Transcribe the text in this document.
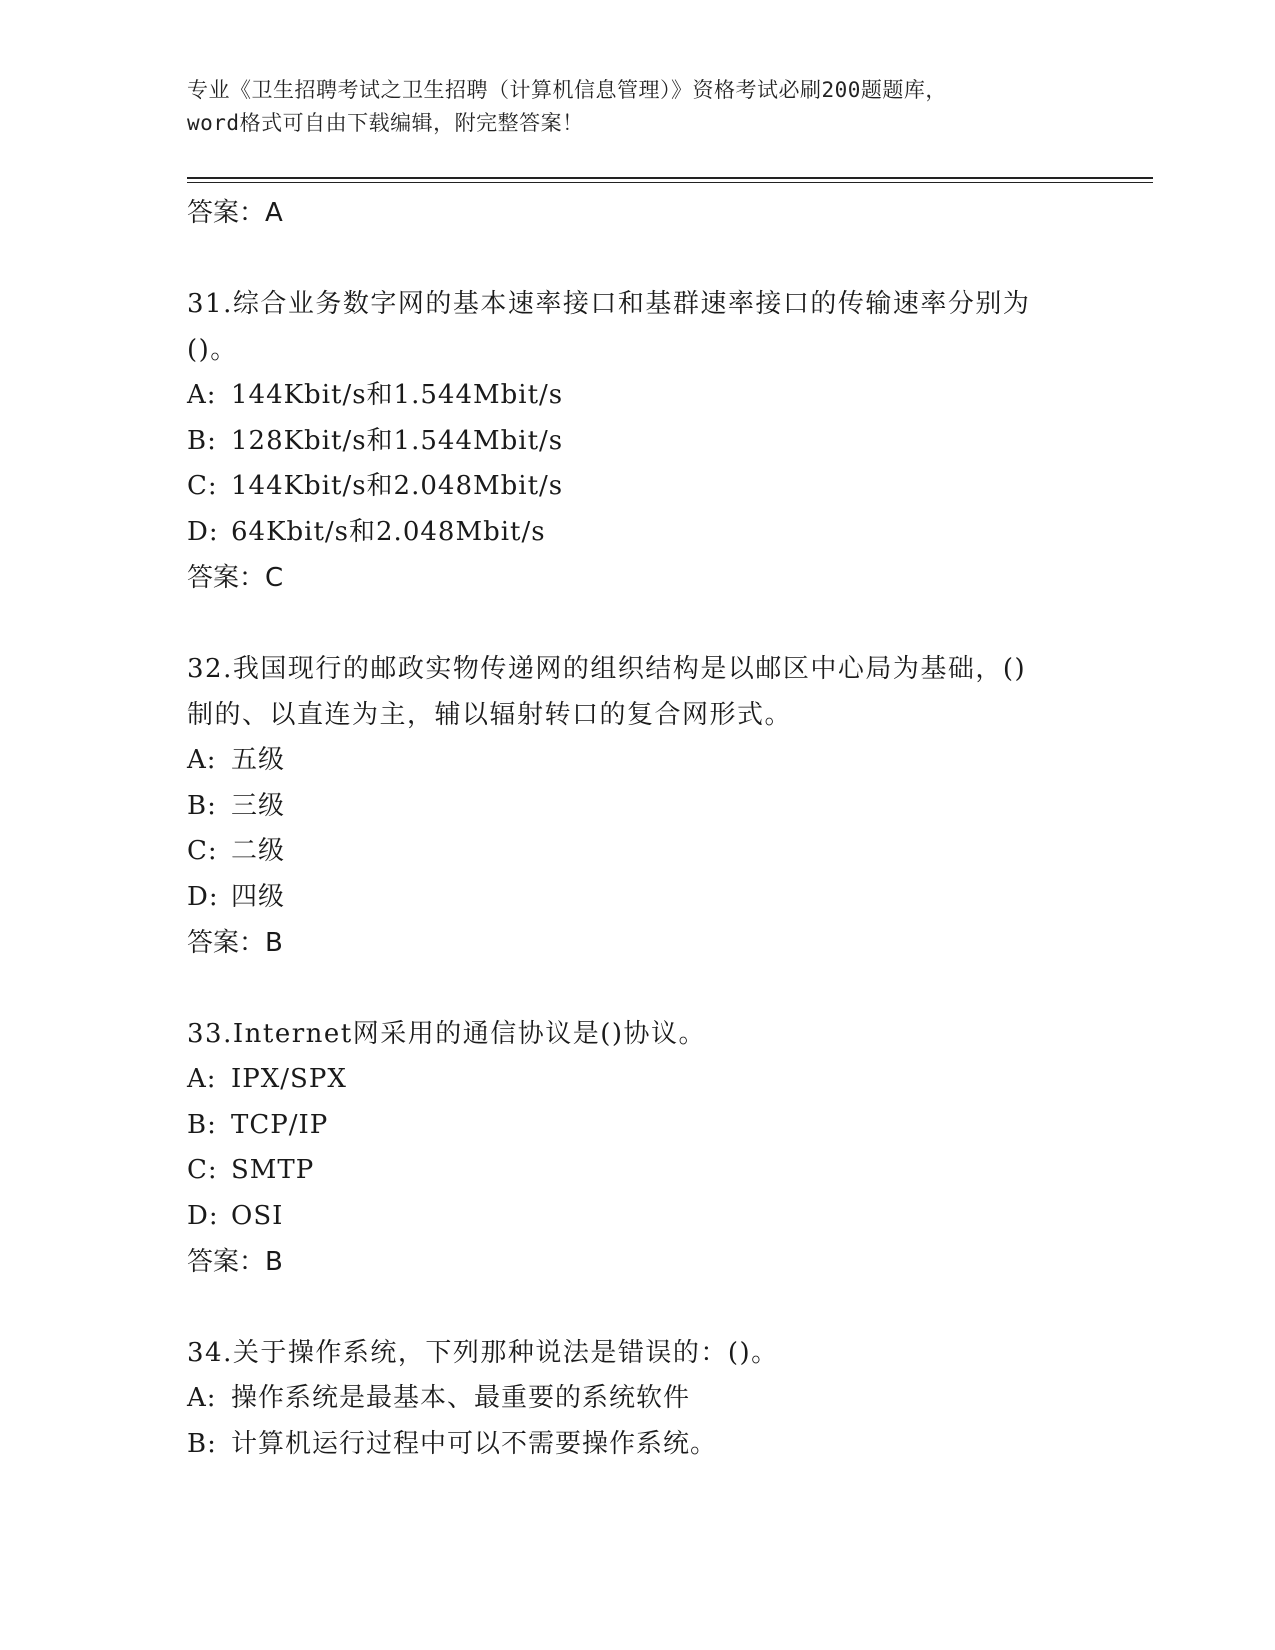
专业《卫生招聘考试之卫生招聘（计算机信息管理）》资格考试必刷200题题库，
word格式可自由下载编辑，附完整答案！
答案：A
31.综合业务数字网的基本速率接口和基群速率接口的传输速率分别为
()。
A: 144Kbit/s和1.544Mbit/s
B: 128Kbit/s和1.544Mbit/s
C: 144Kbit/s和2.048Mbit/s
D: 64Kbit/s和2.048Mbit/s
答案：C
32.我国现行的邮政实物传递网的组织结构是以邮区中心局为基础，()
制的、以直连为主，辅以辐射转口的复合网形式。
A: 五级
B: 三级
C: 二级
D: 四级
答案：B
33.Internet网采用的通信协议是()协议。
A: IPX/SPX
B: TCP/IP
C: SMTP
D: OSI
答案：B
34.关于操作系统，下列那种说法是错误的：()。
A: 操作系统是最基本、最重要的系统软件
B: 计算机运行过程中可以不需要操作系统。
